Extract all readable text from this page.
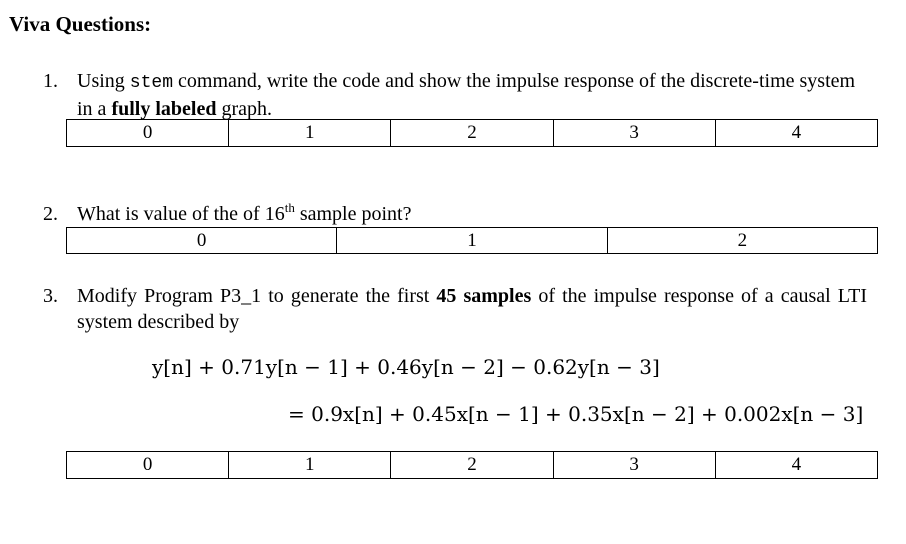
Viva Questions:
1. Using stem command, write the code and show the impulse response of the discrete-time system in a fully labeled graph.
0	1	2	3	4
2. What is value of the of 16th sample point?
0	1	2
3. Modify Program P3_1 to generate the first 45 samples of the impulse response of a causal LTI system described by
y[n] + 0.71y[n − 1] + 0.46y[n − 2] − 0.62y[n − 3]
= 0.9x[n] + 0.45x[n − 1] + 0.35x[n − 2] + 0.002x[n − 3]
0	1	2	3	4
